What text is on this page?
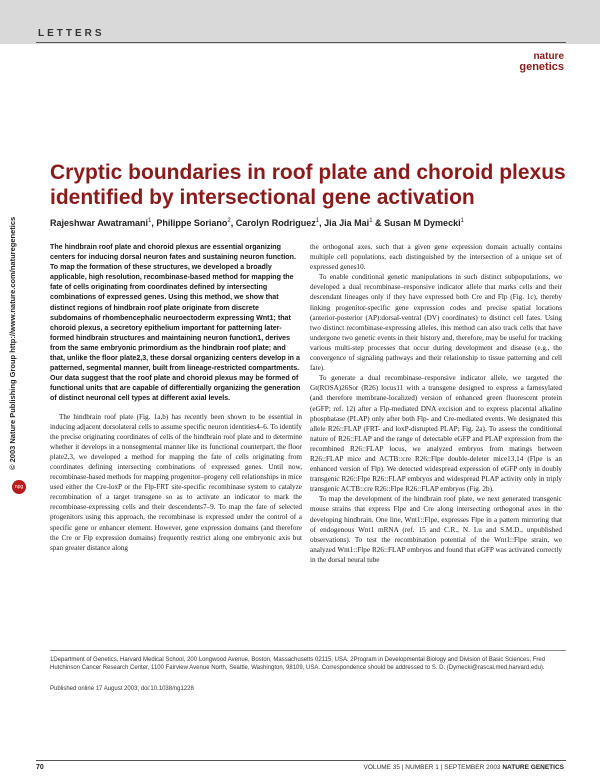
LETTERS
nature
genetics
© 2003 Nature Publishing Group http://www.nature.com/naturegenetics
npg
Cryptic boundaries in roof plate and choroid plexus identified by intersectional gene activation
Rajeshwar Awatramani$^1$, Philippe Soriano$^2$, Carolyn Rodriguez$^1$, Jia Jia Mai$^1$ & Susan M Dymecki$^1$

The hindbrain roof plate and choroid plexus are essential organizing centers for inducing dorsal neuron fates and sustaining neuron function. To map the formation of these structures, we developed a broadly applicable, high resolution, recombinase-based method for mapping the fate of cells originating from coordinates defined by intersecting combinations of expressed genes. Using this method, we show that distinct regions of hindbrain roof plate originate from discrete subdomains of rhombencephalic neuroectoderm expressing Wnt1; that choroid plexus, a secretory epithelium important for patterning later-formed hindbrain structures and maintaining neuron function1, derives from the same embryonic primordium as the hindbrain roof plate; and that, unlike the floor plate2,3, these dorsal organizing centers develop in a patterned, segmental manner, built from lineage-restricted compartments. Our data suggest that the roof plate and choroid plexus may be formed of functional units that are capable of differentially organizing the generation of distinct neuronal cell types at different axial levels.

The hindbrain roof plate (Fig. 1a,b) has recently been shown to be essential in inducing adjacent dorsolateral cells to assume specific neuron identities4–6. To identify the precise originating coordinates of cells of the hindbrain roof plate and to determine whether it develops in a nonsegmental manner like its functional counterpart, the floor plate2,3, we developed a method for mapping the fate of cells originating from coordinates defining intersecting combinations of expressed genes. Until now, recombinase-based methods for mapping progenitor–progeny cell relationships in mice used either the Cre-loxP or the Flp-FRT site-specific recombinase system to catalyze recombination of a target transgene so as to activate an indicator to mark the recombinase-expressing cells and their descendents7–9. To map the fate of selected progenitors using this approach, the recombinase is expressed under the control of a specific gene or enhancer element. However, gene expression domains (and therefore the Cre or Flp expression domains) frequently restrict along one embryonic axis but span greater distance along

the orthogonal axes, such that a given gene expression domain actually contains multiple cell populations, each distinguished by the intersection of a unique set of expressed genes10.

To enable conditional genetic manipulations in such distinct subpopulations, we developed a dual recombinase–responsive indicator allele that marks cells and their descendant lineages only if they have expressed both Cre and Flp (Fig. 1c), thereby linking progenitor-specific gene expression codes and precise spatial locations (anterior-posterior (AP):dorsal-ventral (DV) coordinates) to distinct cell fates. Using two distinct recombinase-expressing alleles, this method can also track cells that have undergone two genetic events in their history and, therefore, may be useful for tracking various multi-step processes that occur during development and disease (e.g., the convergence of signaling pathways and their relationship to tissue patterning and cell fate).

To generate a dual recombinase–responsive indicator allele, we targeted the Gt(ROSA)26Sor (R26) locus11 with a transgene designed to express a farnesylated (and therefore membrane-localized) version of enhanced green fluorescent protein (eGFP; ref. 12) after a Flp-mediated DNA excision and to express placental alkaline phosphatase (PLAP) only after both Flp- and Cre-mediated events. We designated this allele R26::FLAP (FRT- and loxP-disrupted PLAP; Fig. 2a). To assess the conditional nature of R26::FLAP and the range of detectable eGFP and PLAP expression from the recombined R26::FLAP locus, we analyzed embryos from matings between R26::FLAP mice and ACTB::cre R26::Flpe double-deleter mice13,14 (Flpe is an enhanced version of Flp). We detected widespread expression of eGFP only in doubly transgenic R26::Flpe R26::FLAP embryos and widespread PLAP activity only in triply transgenic ACTB::cre R26::Flpe R26::FLAP embryos (Fig. 2b).

To map the development of the hindbrain roof plate, we next generated transgenic mouse strains that express Flpe and Cre along intersecting orthogonal axes in the developing hindbrain. One line, Wnt1::Flpe, expresses Flpe in a pattern mirroring that of endogenous Wnt1 mRNA (ref. 15 and C.R., N. Lu and S.M.D., unpublished observations). To test the recombination potential of the Wnt1::Flpe strain, we analyzed Wnt1::Flpe R26::FLAP embryos and found that eGFP was activated correctly in the dorsal neural tube

1Department of Genetics, Harvard Medical School, 200 Longwood Avenue, Boston, Massachusetts 02115, USA. 2Program in Developmental Biology and Division of Basic Sciences, Fred Hutchinson Cancer Research Center, 1100 Fairview Avenue North, Seattle, Washington, 98109, USA. Correspondence should be addressed to S. D. (Dymecki@rascal.med.harvard.edu).
Published online 17 August 2003; doi:10.1038/ng1228
70	VOLUME 35 | NUMBER 1 | SEPTEMBER 2003 NATURE GENETICS
